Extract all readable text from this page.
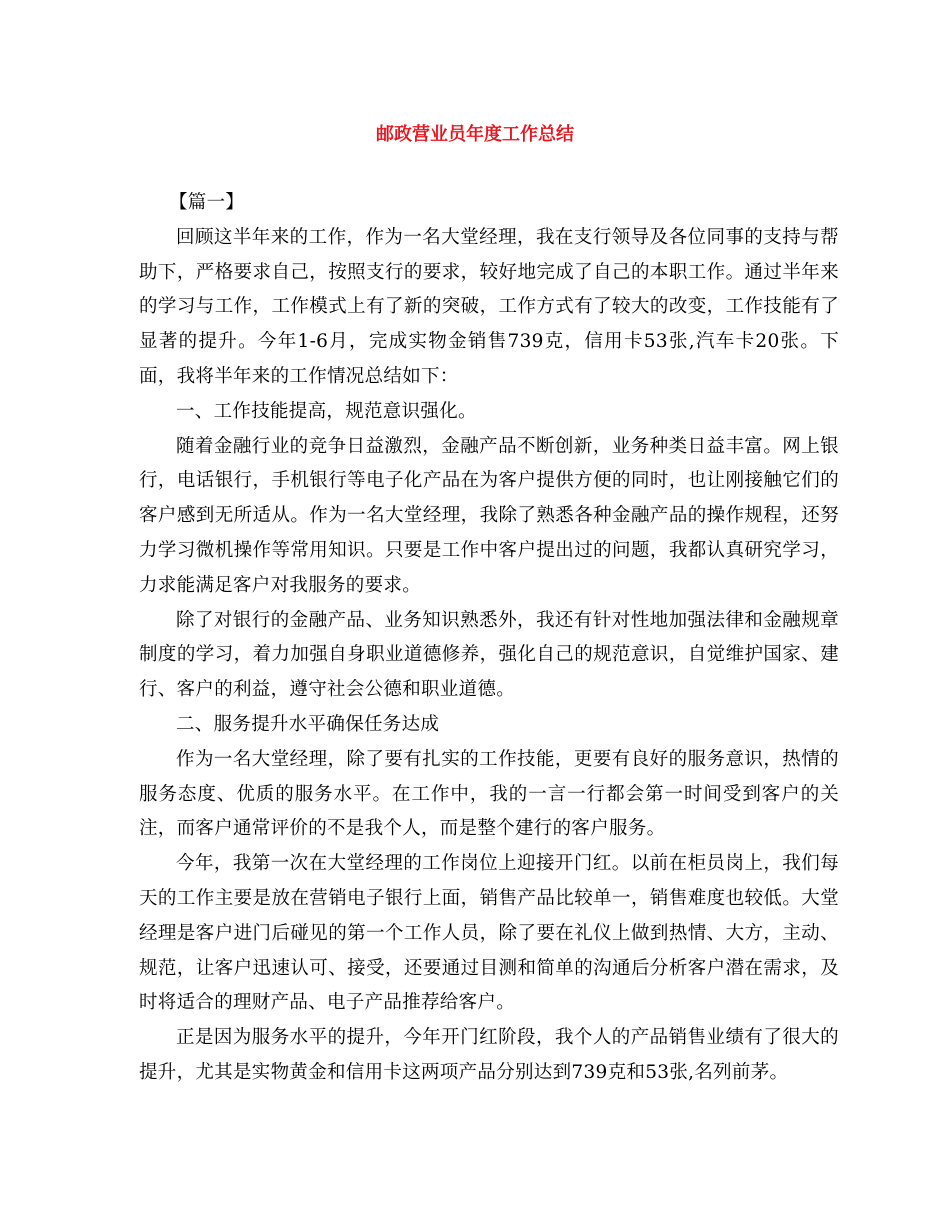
邮政营业员年度工作总结

【篇一】

回顾这半年来的工作，作为一名大堂经理，我在支行领导及各位同事的支持与帮助下，严格要求自己，按照支行的要求，较好地完成了自己的本职工作。通过半年来的学习与工作，工作模式上有了新的突破，工作方式有了较大的改变，工作技能有了显著的提升。今年1-6月，完成实物金销售739克，信用卡53张,汽车卡20张。下面，我将半年来的工作情况总结如下：

一、工作技能提高，规范意识强化。

随着金融行业的竞争日益激烈，金融产品不断创新，业务种类日益丰富。网上银行，电话银行，手机银行等电子化产品在为客户提供方便的同时，也让刚接触它们的客户感到无所适从。作为一名大堂经理，我除了熟悉各种金融产品的操作规程，还努力学习微机操作等常用知识。只要是工作中客户提出过的问题，我都认真研究学习，力求能满足客户对我服务的要求。

除了对银行的金融产品、业务知识熟悉外，我还有针对性地加强法律和金融规章制度的学习，着力加强自身职业道德修养，强化自己的规范意识，自觉维护国家、建行、客户的利益，遵守社会公德和职业道德。

二、服务提升水平确保任务达成

作为一名大堂经理，除了要有扎实的工作技能，更要有良好的服务意识，热情的服务态度、优质的服务水平。在工作中，我的一言一行都会第一时间受到客户的关注，而客户通常评价的不是我个人，而是整个建行的客户服务。

今年，我第一次在大堂经理的工作岗位上迎接开门红。以前在柜员岗上，我们每天的工作主要是放在营销电子银行上面，销售产品比较单一，销售难度也较低。大堂经理是客户进门后碰见的第一个工作人员，除了要在礼仪上做到热情、大方，主动、规范，让客户迅速认可、接受，还要通过目测和简单的沟通后分析客户潜在需求，及时将适合的理财产品、电子产品推荐给客户。

正是因为服务水平的提升，今年开门红阶段，我个人的产品销售业绩有了很大的提升，尤其是实物黄金和信用卡这两项产品分别达到739克和53张,名列前茅。
